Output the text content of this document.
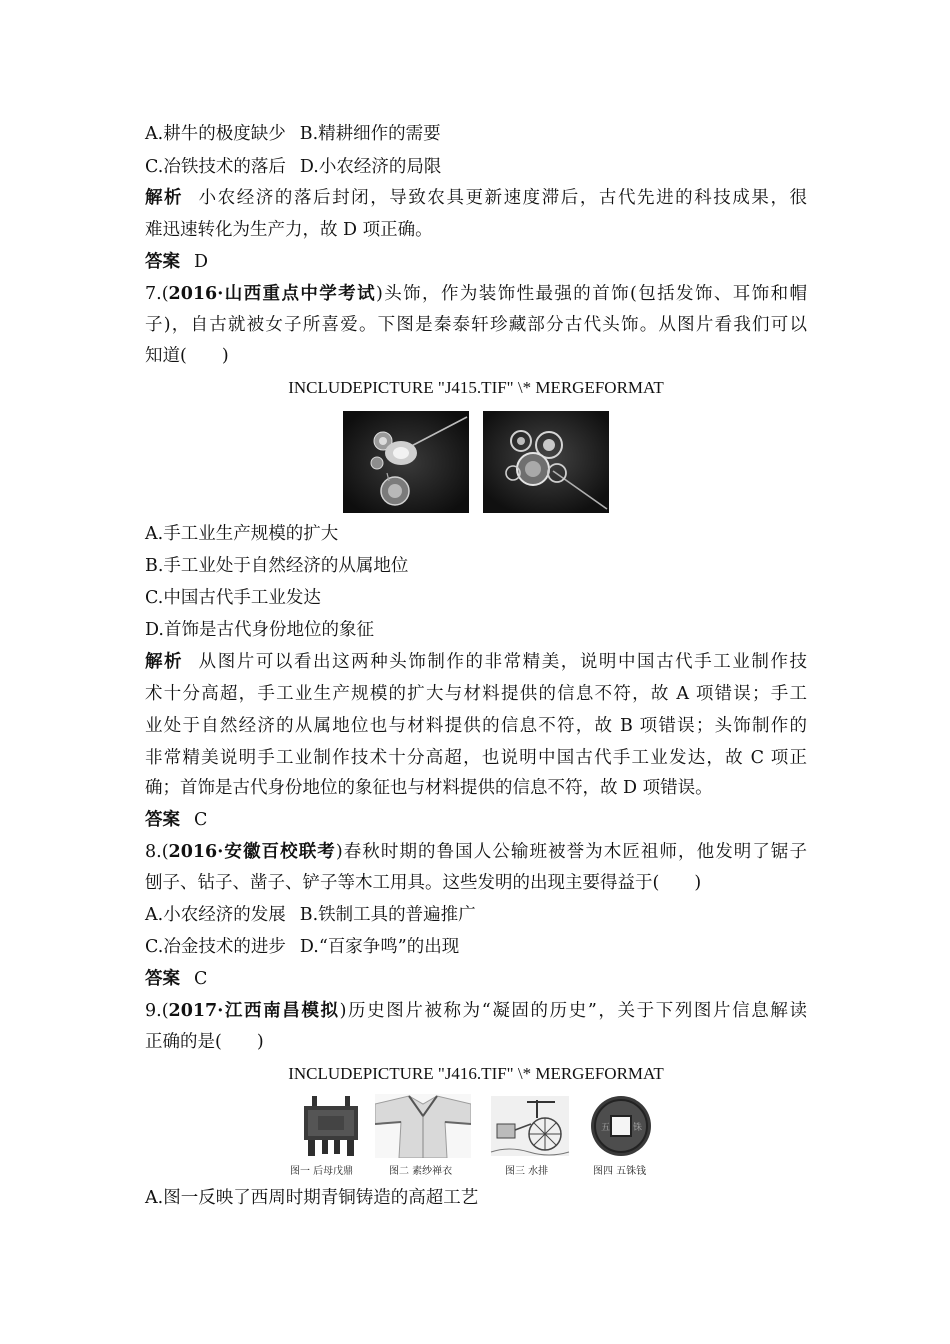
A.耕牛的极度缺少 B.精耕细作的需要
C.冶铁技术的落后 D.小农经济的局限
解析 小农经济的落后封闭，导致农具更新速度滞后，古代先进的科技成果，很
难迅速转化为生产力，故 D 项正确。
答案 D
7.(2016·山西重点中学考试)头饰，作为装饰性最强的首饰(包括发饰、耳饰和帽
子)，自古就被女子所喜爱。下图是秦泰轩珍藏部分古代头饰。从图片看我们可以
知道(　　)
INCLUDEPICTURE "J415.TIF" \* MERGEFORMAT
A.手工业生产规模的扩大
B.手工业处于自然经济的从属地位
C.中国古代手工业发达
D.首饰是古代身份地位的象征
解析 从图片可以看出这两种头饰制作的非常精美，说明中国古代手工业制作技
术十分高超，手工业生产规模的扩大与材料提供的信息不符，故 A 项错误；手工
业处于自然经济的从属地位也与材料提供的信息不符，故 B 项错误；头饰制作的
非常精美说明手工业制作技术十分高超，也说明中国古代手工业发达，故 C 项正
确；首饰是古代身份地位的象征也与材料提供的信息不符，故 D 项错误。
答案 C
8.(2016·安徽百校联考)春秋时期的鲁国人公输班被誉为木匠祖师，他发明了锯子
刨子、钻子、凿子、铲子等木工用具。这些发明的出现主要得益于(　　)
A.小农经济的发展 B.铁制工具的普遍推广
C.冶金技术的进步 D.“百家争鸣”的出现
答案 C
9.(2017·江西南昌模拟)历史图片被称为“凝固的历史”，关于下列图片信息解读
正确的是(　　)
INCLUDEPICTURE "J416.TIF" \* MERGEFORMAT
五	铢
图一 后母戊鼎	图二 素纱禅衣	图三 水排	图四 五铢钱
A.图一反映了西周时期青铜铸造的高超工艺
